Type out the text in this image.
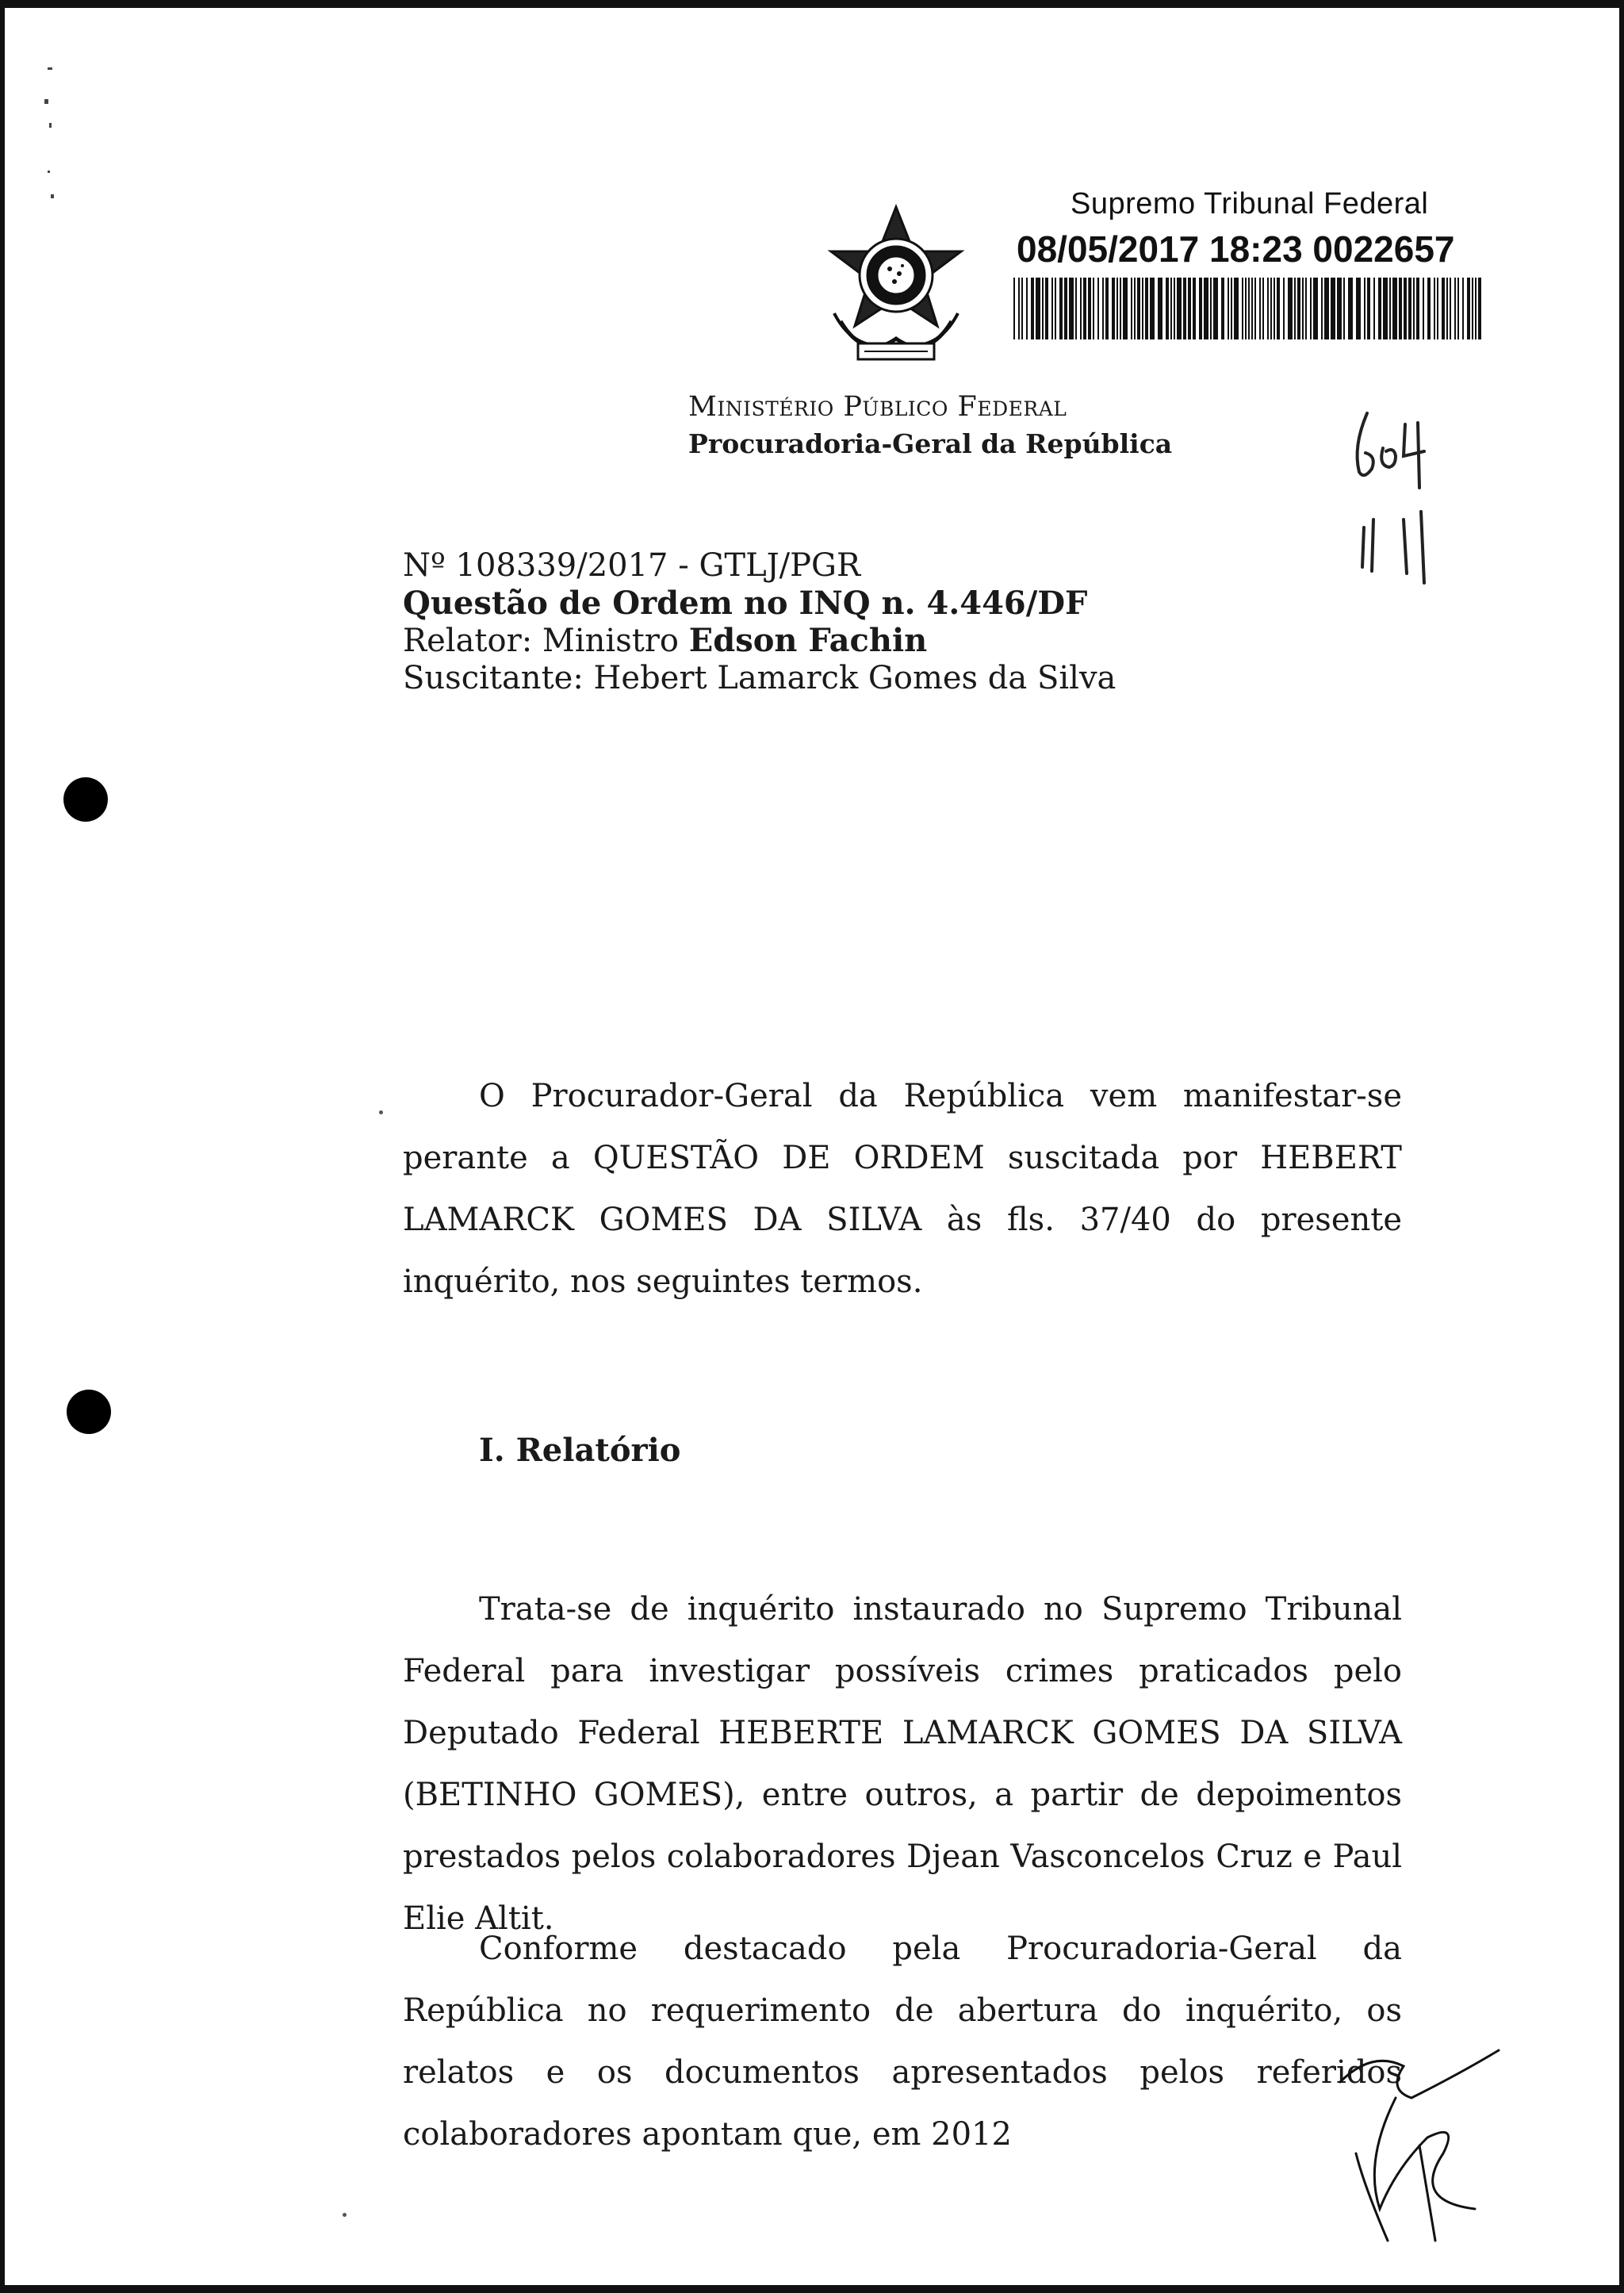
Supremo Tribunal Federal
08/05/2017 18:23 0022657
Ministério Público Federal
Procuradoria-Geral da República
Nº 108339/2017 - GTLJ/PGR
Questão de Ordem no INQ n. 4.446/DF
Relator: Ministro Edson Fachin
Suscitante: Hebert Lamarck Gomes da Silva

O Procurador-Geral da República vem manifestar-se perante a QUESTÃO DE ORDEM suscitada por HEBERT LAMARCK GOMES DA SILVA às fls. 37/40 do presente inquérito, nos seguintes termos.

I. Relatório

Trata-se de inquérito instaurado no Supremo Tribunal Federal para investigar possíveis crimes praticados pelo Deputado Federal HEBERTE LAMARCK GOMES DA SILVA (BETINHO GOMES), entre outros, a partir de depoimentos prestados pelos colaboradores Djean Vasconcelos Cruz e Paul Elie Altit.

Conforme destacado pela Procuradoria-Geral da República no requerimento de abertura do inquérito, os relatos e os documentos apresentados pelos referidos colaboradores apontam que, em 2012
